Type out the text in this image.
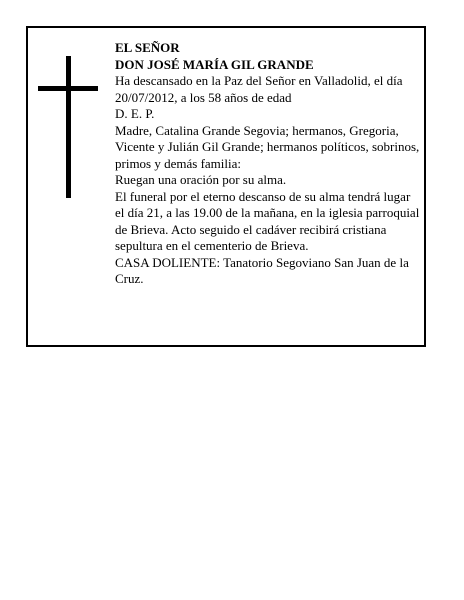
EL SEÑOR

DON JOSÉ MARÍA GIL GRANDE

Ha descansado en la Paz del Señor en Valladolid, el día 20/07/2012, a los 58 años de edad

D. E. P.

Madre, Catalina Grande Segovia; hermanos, Gregoria, Vicente y Julián Gil Grande; hermanos políticos, sobrinos, primos y demás familia:

Ruegan una oración por su alma.

El funeral por el eterno descanso de su alma tendrá lugar el día 21, a las 19.00 de la mañana, en la iglesia parroquial de Brieva. Acto seguido el cadáver recibirá cristiana sepultura en el cementerio de Brieva.

CASA DOLIENTE: Tanatorio Segoviano San Juan de la Cruz.
